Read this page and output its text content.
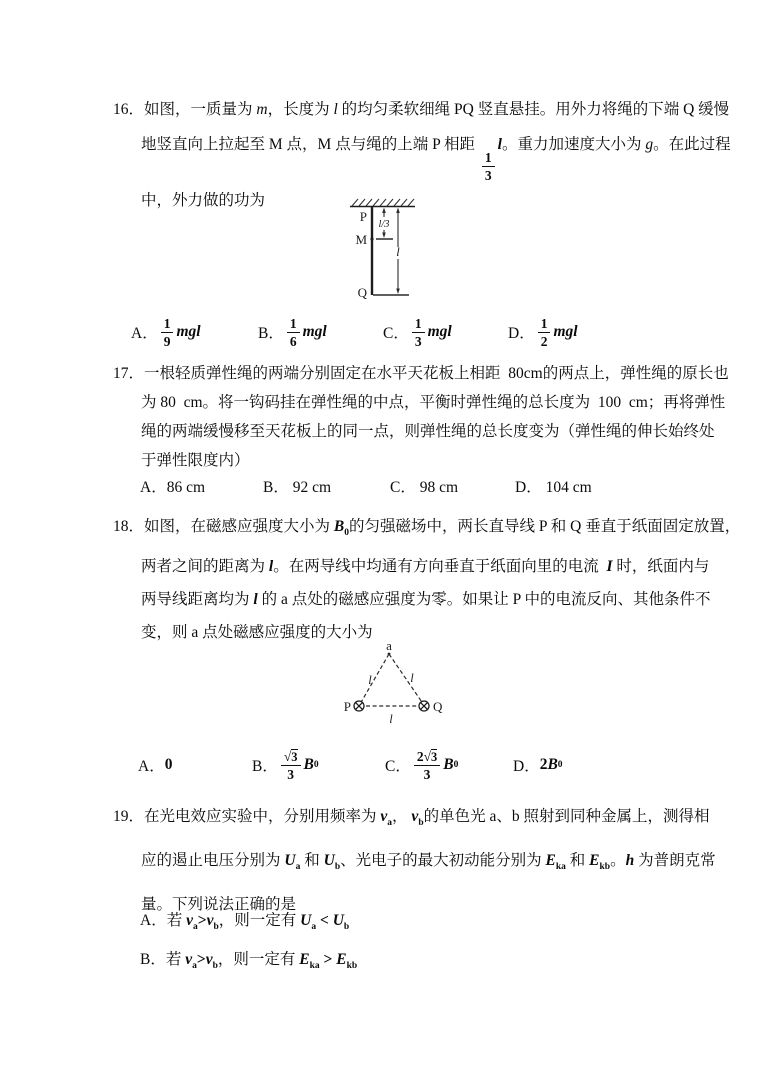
16．如图，一质量为 m，长度为 l 的均匀柔软细绳 PQ 竖直悬挂。用外力将绳的下端 Q 缓慢
地竖直向上拉起至 M 点，M 点与绳的上端 P 相距
$\frac{1}{3}$
l。重力加速度大小为 g。在此过程
中，外力做的功为
P
M
Q
l/3
l
A． $\frac{1}{9}$ mgl	B． $\frac{1}{6}$ mgl	C． $\frac{1}{3}$ mgl	D． $\frac{1}{2}$ mgl
17．一根轻质弹性绳的两端分别固定在水平天花板上相距  80cm的两点上，弹性绳的原长也
为 80  cm。将一钩码挂在弹性绳的中点，平衡时弹性绳的总长度为  100  cm；再将弹性
绳的两端缓慢移至天花板上的同一点，则弹性绳的总长度变为（弹性绳的伸长始终处
于弹性限度内）
A．86 cm	B． 92 cm	C． 98 cm	D． 104 cm
18．如图，在磁感应强度大小为 $B_0$的匀强磁场中，两长直导线 P 和 Q 垂直于纸面固定放置，
两者之间的距离为 l。在两导线中均通有方向垂直于纸面向里的电流  I 时，纸面内与
两导线距离均为 l 的 a 点处的磁感应强度为零。如果让 P 中的电流反向、其他条件不
变，则 a 点处磁感应强度的大小为
a
P	Q
l	l
l
A． 0	B． $\frac{√ 3}{3}$ B 0	C． $\frac{2 √ 3}{3}$ B 0	D． 2 B 0
19．在光电效应实验中，分别用频率为 $\nu_a$， $\nu_b$的单色光 a、b 照射到同种金属上，测得相
应的遏止电压分别为 $U_a$ 和 $U_b$、光电子的最大初动能分别为 $E_{ka}$ 和 $E_{kb}$。h 为普朗克常
量。下列说法正确的是
A．若 $\nu_a>\nu_b$，则一定有 $U_a < U_b$
B．若 $\nu_a>\nu_b$，则一定有 $E_{ka} > E_{kb}$
